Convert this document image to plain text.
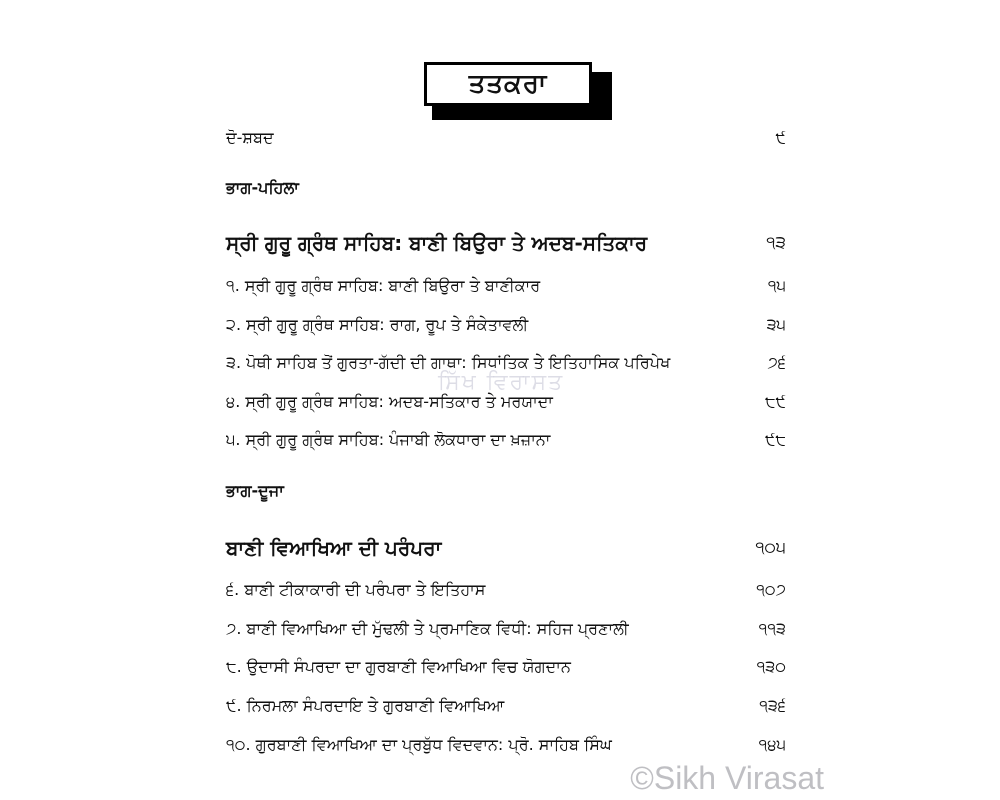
ਤਤਕਰਾ
ਦੋ-ਸ਼ਬਦ	੯
ਭਾਗ-ਪਹਿਲਾ
ਸ੍ਰੀ ਗੁਰੂ ਗ੍ਰੰਥ ਸਾਹਿਬ: ਬਾਣੀ ਬਿਉਰਾ ਤੇ ਅਦਬ-ਸਤਿਕਾਰ	੧੩
੧. ਸ੍ਰੀ ਗੁਰੂ ਗ੍ਰੰਥ ਸਾਹਿਬ: ਬਾਣੀ ਬਿਉਰਾ ਤੇ ਬਾਣੀਕਾਰ	੧੫
੨. ਸ੍ਰੀ ਗੁਰੂ ਗ੍ਰੰਥ ਸਾਹਿਬ: ਰਾਗ, ਰੂਪ ਤੇ ਸੰਕੇਤਾਵਲੀ	੩੫
੩. ਪੋਥੀ ਸਾਹਿਬ ਤੋਂ ਗੁਰਤਾ-ਗੱਦੀ ਦੀ ਗਾਥਾ: ਸਿਧਾਂਤਿਕ ਤੇ ਇਤਿਹਾਸਿਕ ਪਰਿਪੇਖ	੭੬
੪. ਸ੍ਰੀ ਗੁਰੂ ਗ੍ਰੰਥ ਸਾਹਿਬ: ਅਦਬ-ਸਤਿਕਾਰ ਤੇ ਮਰਯਾਦਾ	੮੯
੫. ਸ੍ਰੀ ਗੁਰੂ ਗ੍ਰੰਥ ਸਾਹਿਬ: ਪੰਜਾਬੀ ਲੋਕਧਾਰਾ ਦਾ ਖ਼ਜ਼ਾਨਾ	੯੮
ਭਾਗ-ਦੂਜਾ
ਬਾਣੀ ਵਿਆਖਿਆ ਦੀ ਪਰੰਪਰਾ	੧੦੫
੬. ਬਾਣੀ ਟੀਕਾਕਾਰੀ ਦੀ ਪਰੰਪਰਾ ਤੇ ਇਤਿਹਾਸ	੧੦੭
੭. ਬਾਣੀ ਵਿਆਖਿਆ ਦੀ ਮੁੱਢਲੀ ਤੇ ਪ੍ਰਮਾਣਿਕ ਵਿਧੀ: ਸਹਿਜ ਪ੍ਰਣਾਲੀ	੧੧੩
੮. ਉਦਾਸੀ ਸੰਪਰਦਾ ਦਾ ਗੁਰਬਾਣੀ ਵਿਆਖਿਆ ਵਿਚ ਯੋਗਦਾਨ	੧੩੦
੯. ਨਿਰਮਲਾ ਸੰਪਰਦਾਇ ਤੇ ਗੁਰਬਾਣੀ ਵਿਆਖਿਆ	੧੩੬
੧੦. ਗੁਰਬਾਣੀ ਵਿਆਖਿਆ ਦਾ ਪ੍ਰਬੁੱਧ ਵਿਦਵਾਨ: ਪ੍ਰੋ. ਸਾਹਿਬ ਸਿੰਘ	੧੪੫
ਸਿੱਖ ਵਿਰਾਸਤ
©Sikh Virasat
